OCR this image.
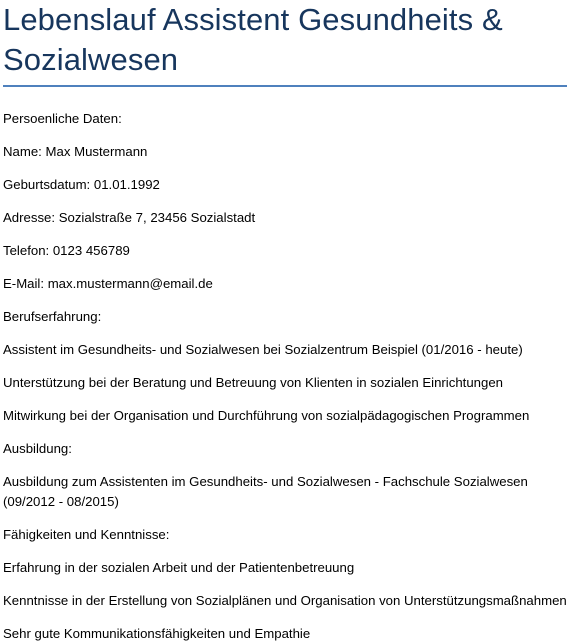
Lebenslauf Assistent Gesundheits & Sozialwesen

Persoenliche Daten:

Name: Max Mustermann

Geburtsdatum: 01.01.1992

Adresse: Sozialstraße 7, 23456 Sozialstadt

Telefon: 0123 456789

E-Mail: max.mustermann@email.de

Berufserfahrung:

Assistent im Gesundheits- und Sozialwesen bei Sozialzentrum Beispiel (01/2016 - heute)

Unterstützung bei der Beratung und Betreuung von Klienten in sozialen Einrichtungen

Mitwirkung bei der Organisation und Durchführung von sozialpädagogischen Programmen

Ausbildung:

Ausbildung zum Assistenten im Gesundheits- und Sozialwesen - Fachschule Sozialwesen (09/2012 - 08/2015)

Fähigkeiten und Kenntnisse:

Erfahrung in der sozialen Arbeit und der Patientenbetreuung

Kenntnisse in der Erstellung von Sozialplänen und Organisation von Unterstützungsmaßnahmen

Sehr gute Kommunikationsfähigkeiten und Empathie
